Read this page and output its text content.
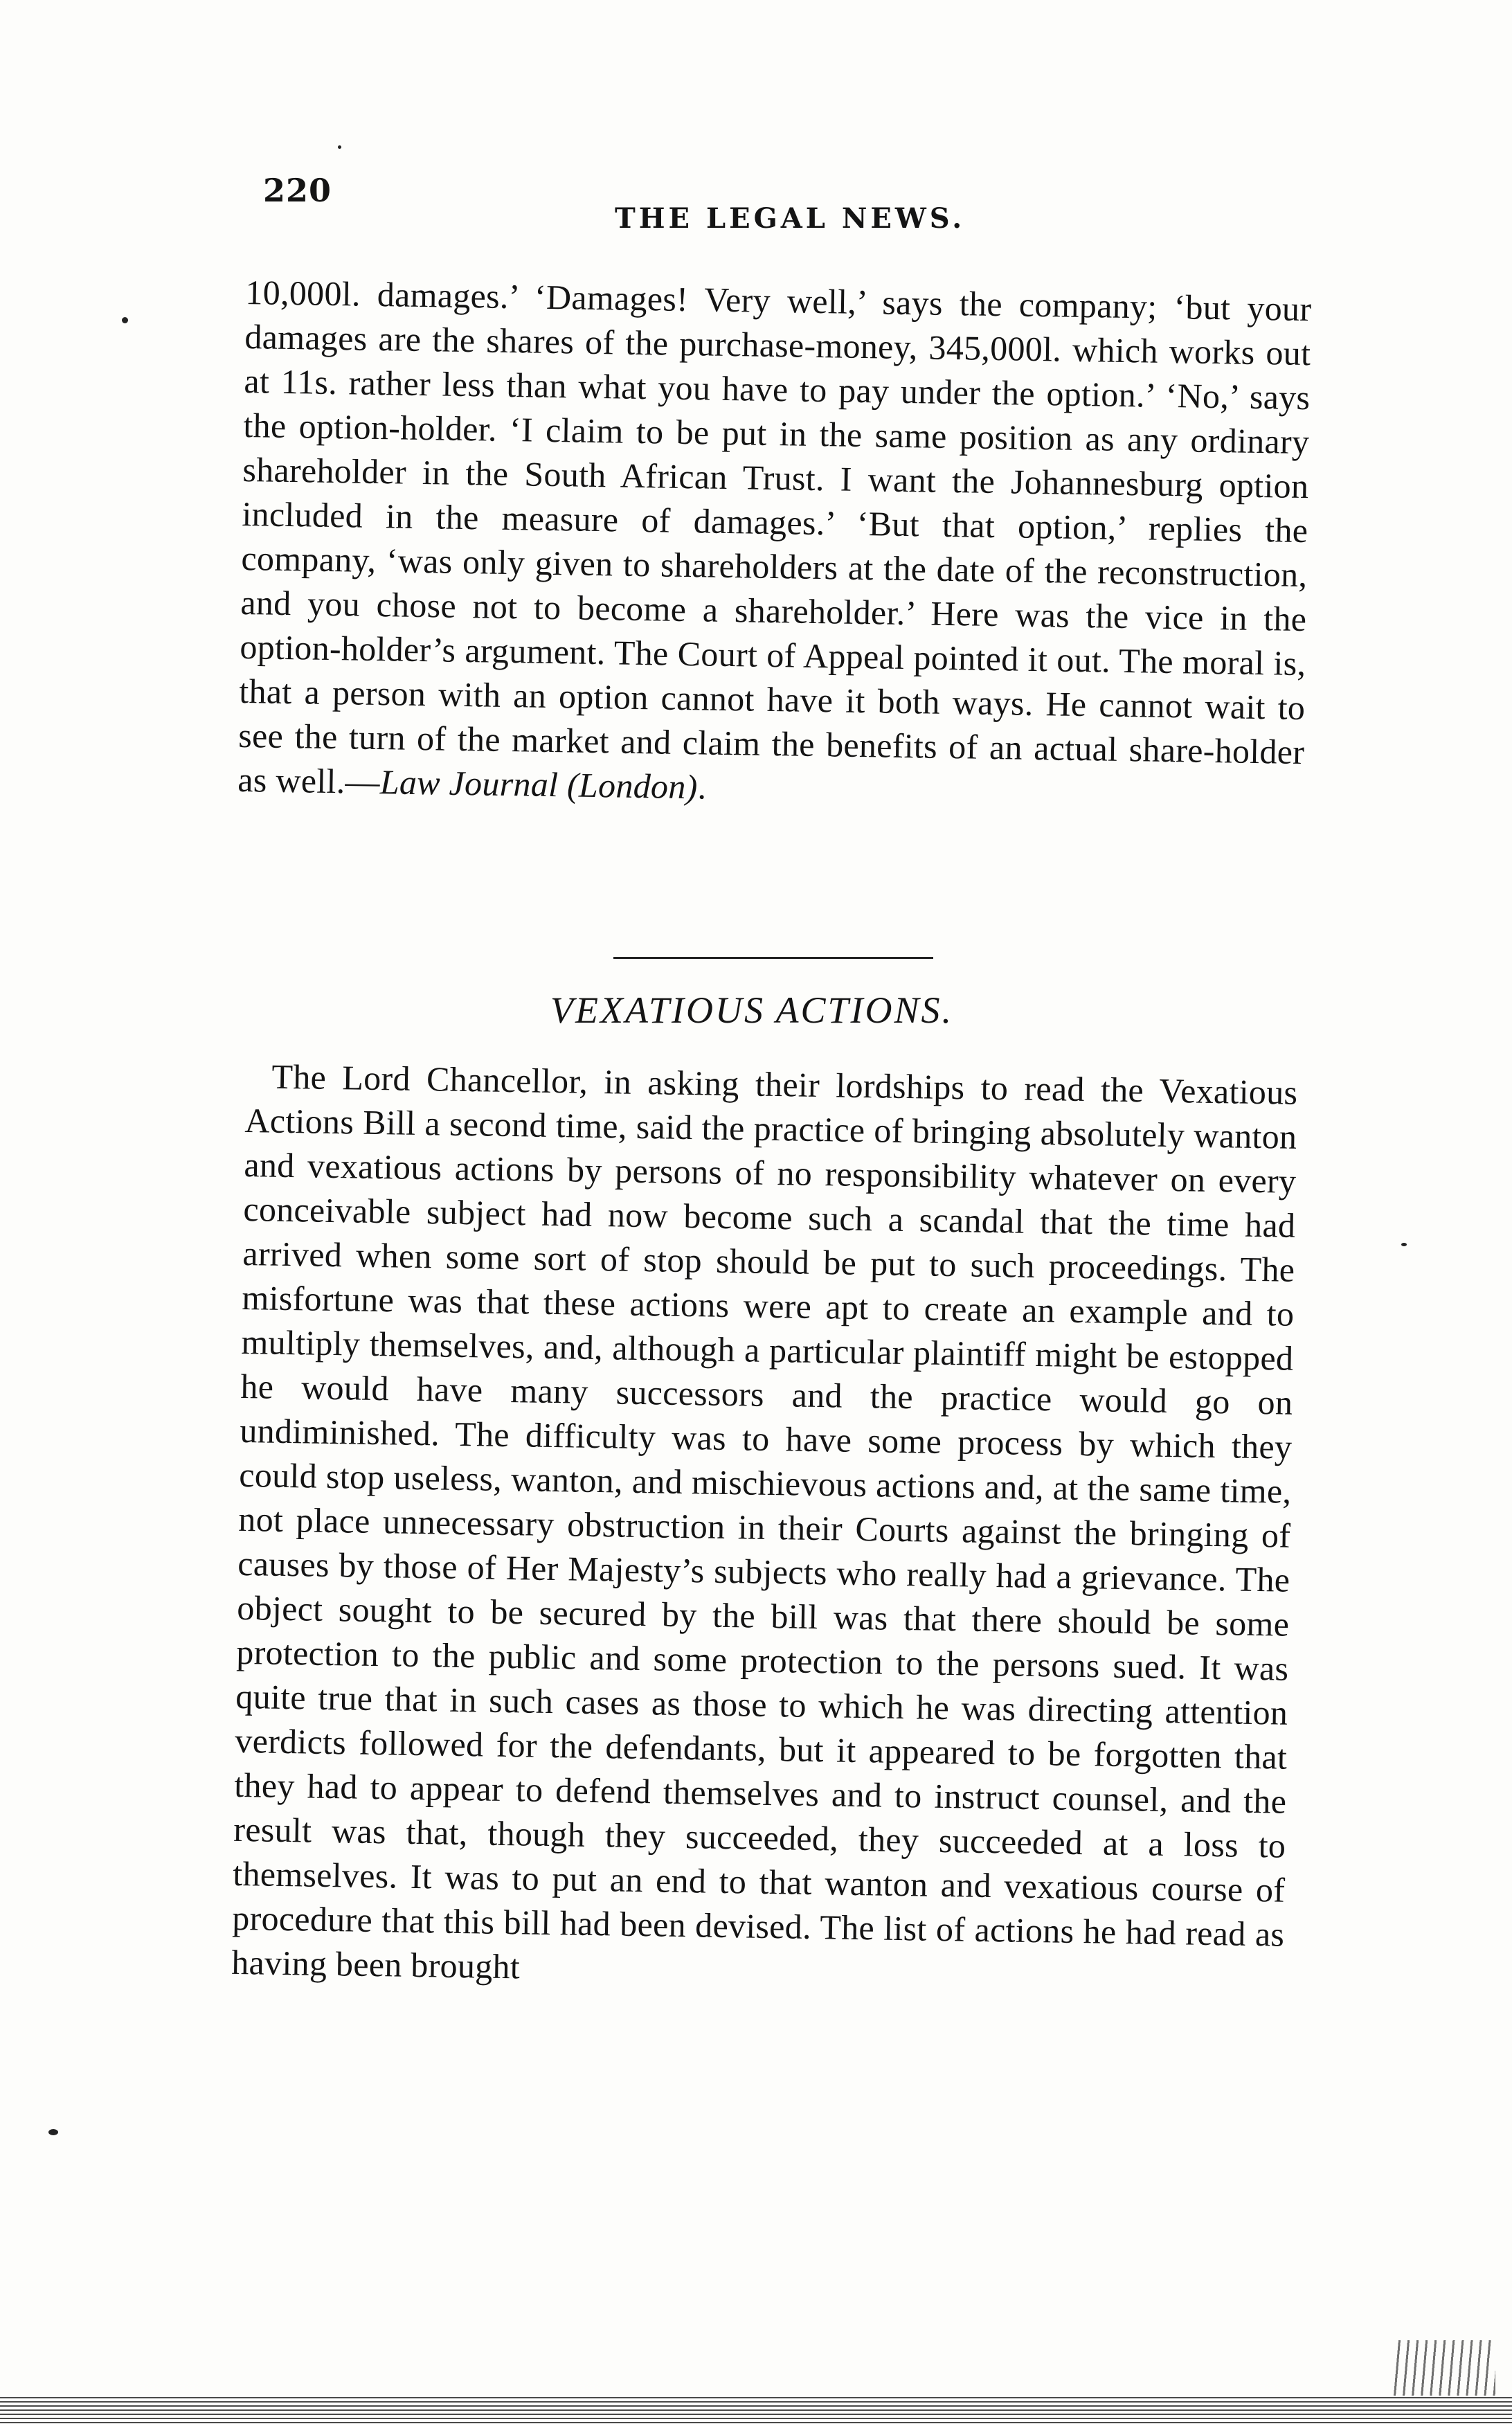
220
THE LEGAL NEWS.

10,000l. damages.’ ‘Damages! Very well,’ says the company; ‘but your damages are the shares of the purchase-money, 345,000l. which works out at 11s. rather less than what you have to pay under the option.’ ‘No,’ says the option-holder. ‘I claim to be put in the same position as any ordinary shareholder in the South African Trust. I want the Johannesburg option included in the measure of damages.’ ‘But that option,’ replies the company, ‘was only given to shareholders at the date of the reconstruction, and you chose not to become a shareholder.’ Here was the vice in the option-holder’s argument. The Court of Appeal pointed it out. The moral is, that a person with an option cannot have it both ways. He cannot wait to see the turn of the market and claim the benefits of an actual share-holder as well.—Law Journal (London).

VEXATIOUS ACTIONS.

The Lord Chancellor, in asking their lordships to read the Vexatious Actions Bill a second time, said the practice of bringing absolutely wanton and vexatious actions by persons of no responsibility whatever on every conceivable subject had now become such a scandal that the time had arrived when some sort of stop should be put to such proceedings. The misfortune was that these actions were apt to create an example and to multiply themselves, and, although a particular plaintiff might be estopped he would have many successors and the practice would go on undiminished. The difficulty was to have some process by which they could stop useless, wanton, and mischievous actions and, at the same time, not place unnecessary obstruction in their Courts against the bringing of causes by those of Her Majesty’s subjects who really had a grievance. The object sought to be secured by the bill was that there should be some protection to the public and some protection to the persons sued. It was quite true that in such cases as those to which he was directing attention verdicts followed for the defendants, but it appeared to be forgotten that they had to appear to defend themselves and to instruct counsel, and the result was that, though they succeeded, they succeeded at a loss to themselves. It was to put an end to that wanton and vexatious course of procedure that this bill had been devised. The list of actions he had read as having been brought
